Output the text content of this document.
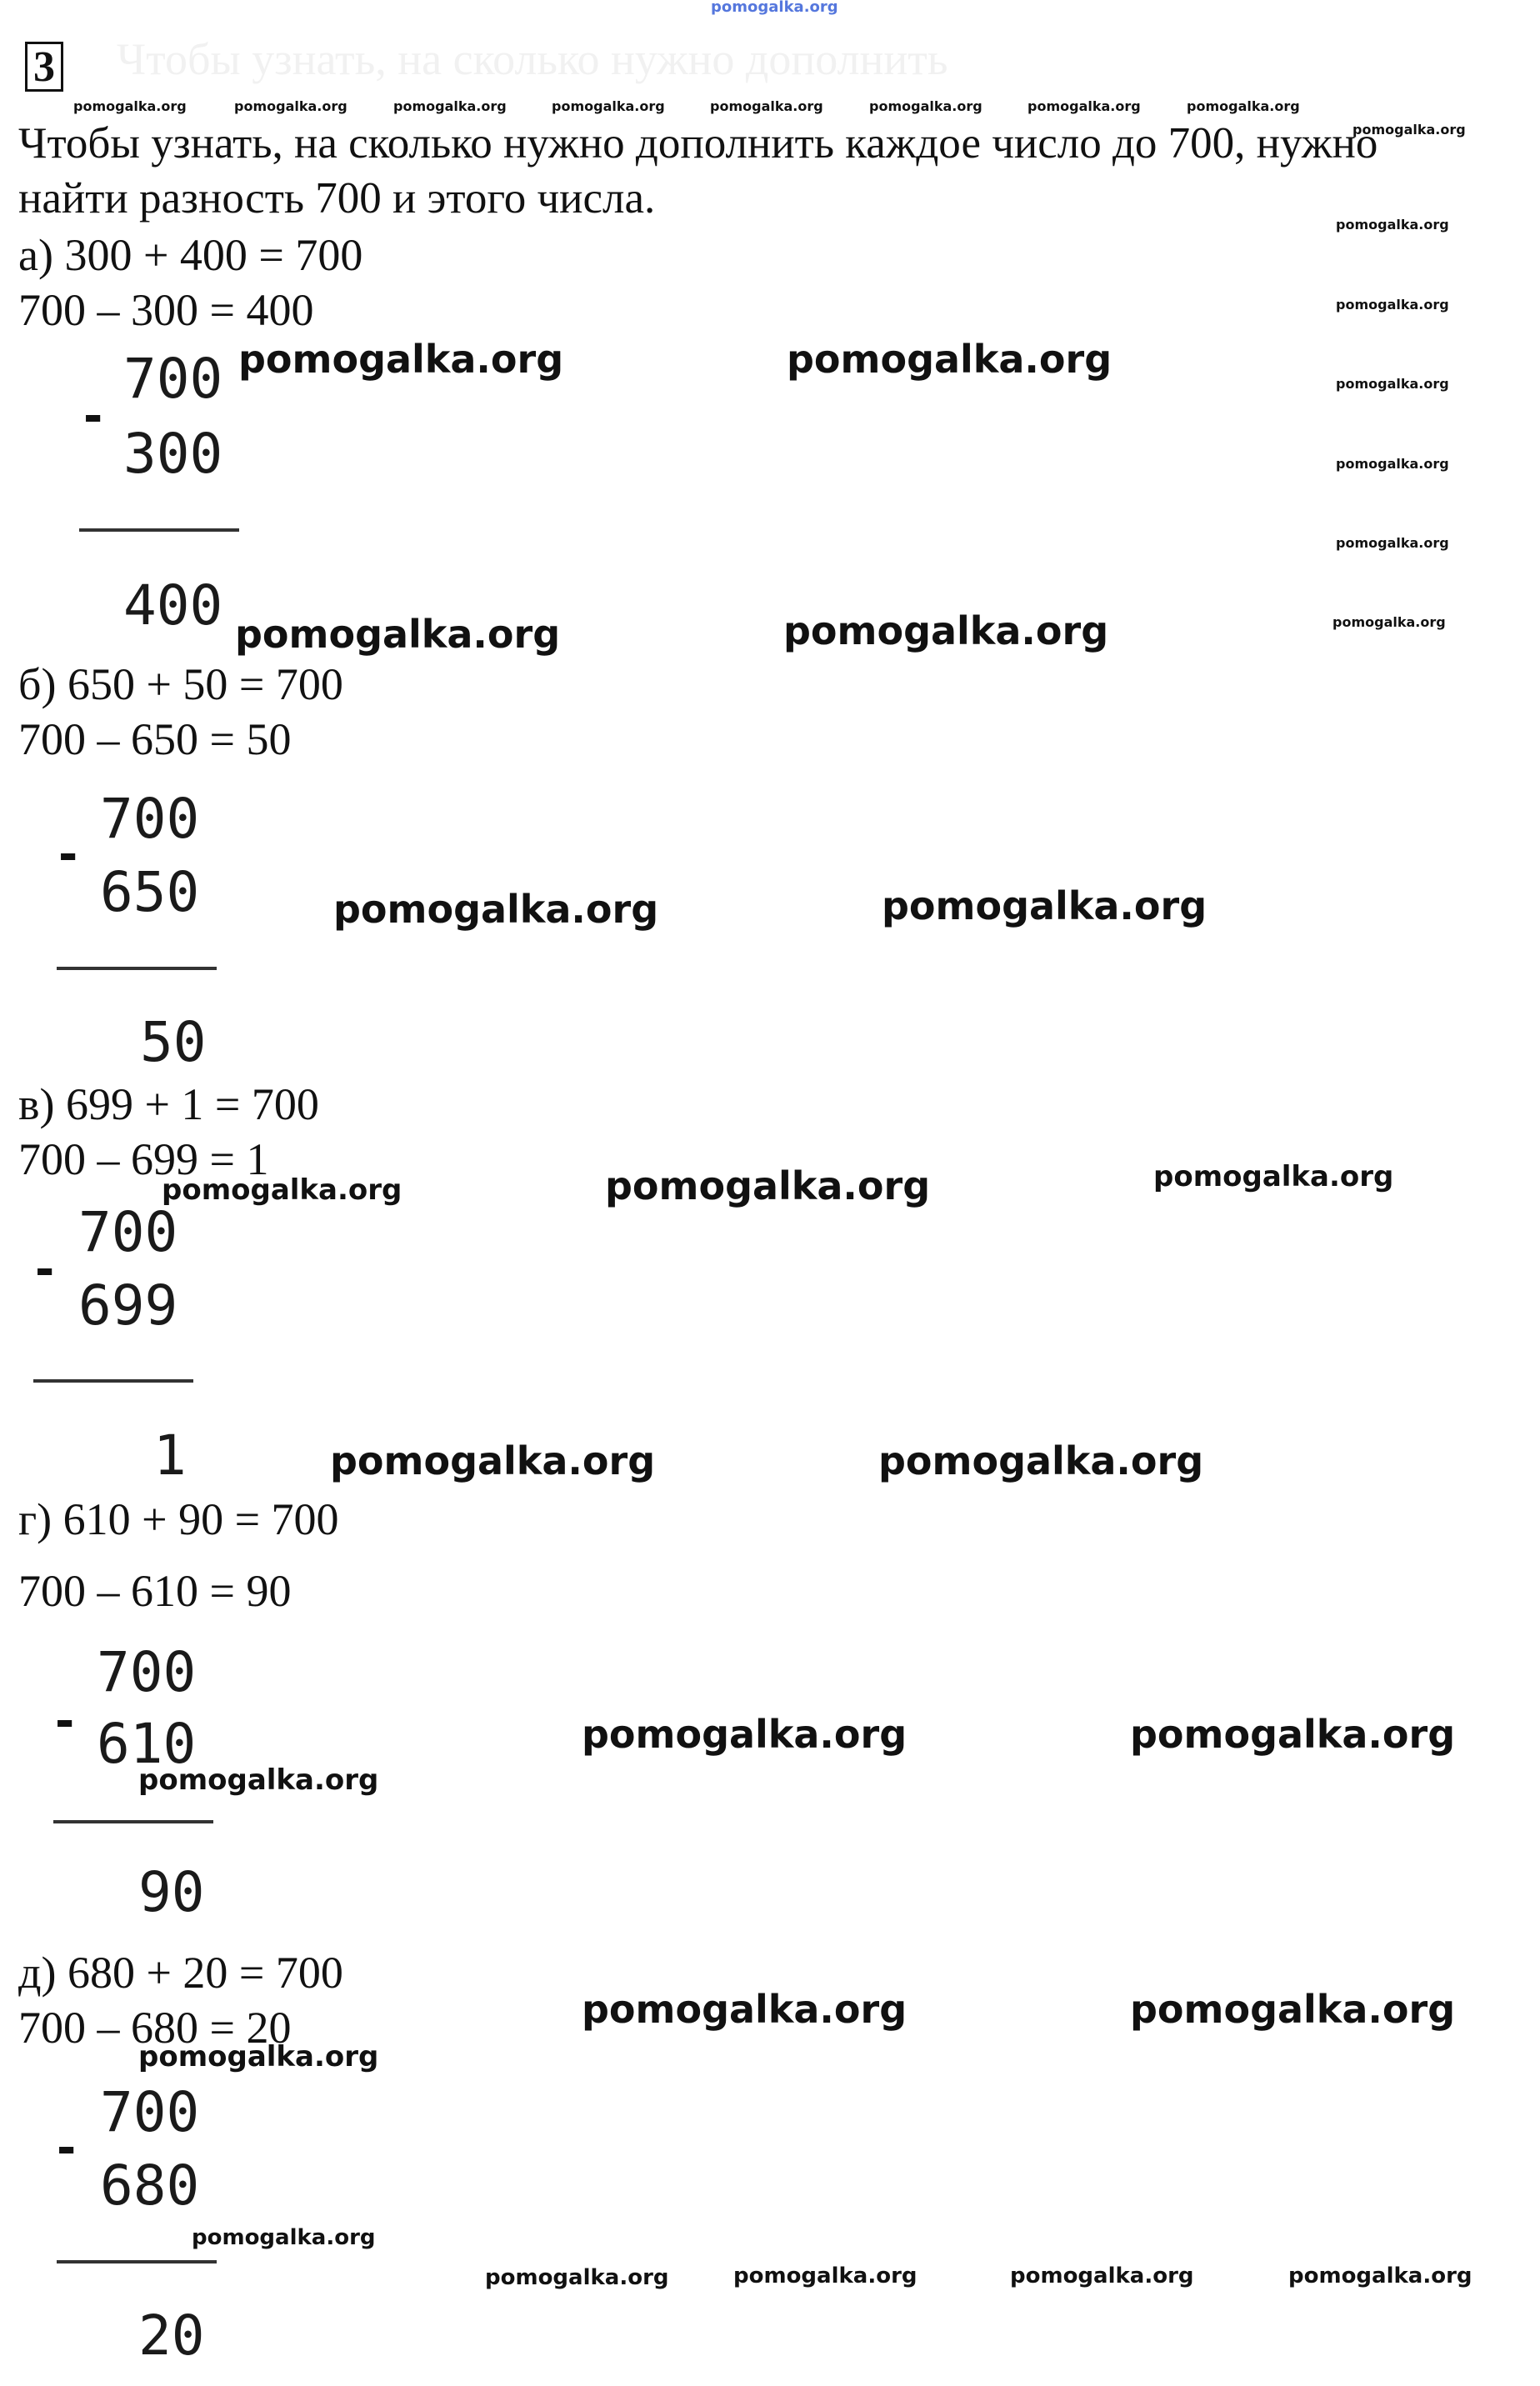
pomogalka.org
Чтобы узнать, на сколько нужно дополнить
3
pomogalka.org	pomogalka.org	pomogalka.org	pomogalka.org	pomogalka.org	pomogalka.org	pomogalka.org	pomogalka.org
pomogalka.org
Чтобы узнать, на сколько нужно дополнить каждое число до 700, нужно
найти разность 700 и этого числа.
pomogalka.org
pomogalka.org
pomogalka.org
pomogalka.org
pomogalka.org
pomogalka.org
а) 300 + 400 = 700
700 – 300 = 400
-
700
300
400
pomogalka.org	pomogalka.org
pomogalka.org	pomogalka.org
б) 650 + 50 = 700
700 – 650 = 50
-
700
650
50
pomogalka.org	pomogalka.org
в) 699 + 1 = 700
700 – 699 = 1
pomogalka.org	pomogalka.org	pomogalka.org
-
700
699
1	pomogalka.org	pomogalka.org
г) 610 + 90 = 700
700 – 610 = 90
-
700
610
pomogalka.org
90
pomogalka.org	pomogalka.org
д) 680 + 20 = 700
700 – 680 = 20
pomogalka.org
pomogalka.org	pomogalka.org
-
700
680
pomogalka.org
20
pomogalka.org	pomogalka.org	pomogalka.org	pomogalka.org
